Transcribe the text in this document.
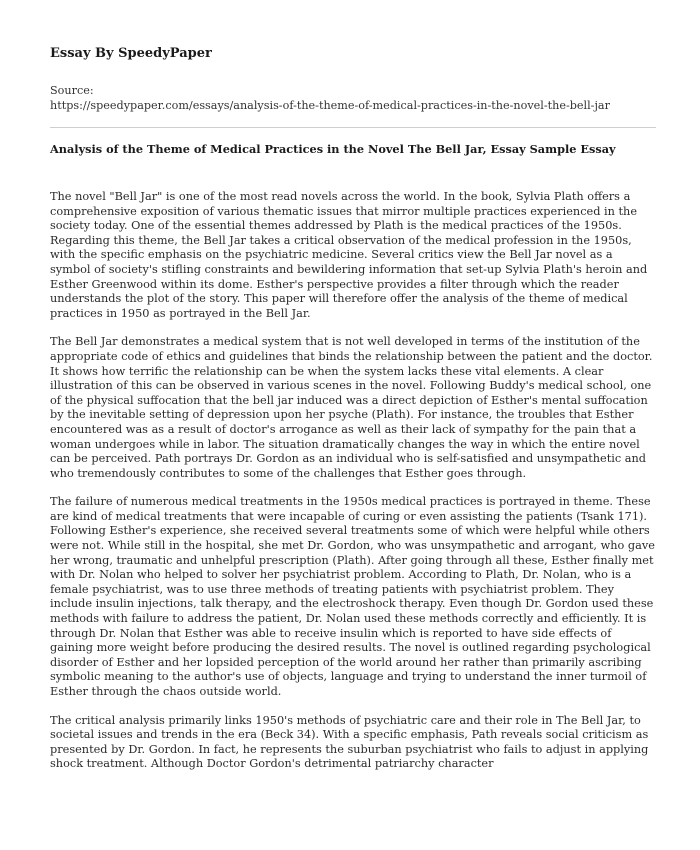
Essay By SpeedyPaper

Source:

https://speedypaper.com/essays/analysis-of-the-theme-of-medical-practices-in-the-novel-the-bell-jar

Analysis of the Theme of Medical Practices in the Novel The Bell Jar, Essay Sample Essay

The novel "Bell Jar" is one of the most read novels across the world. In the book, Sylvia Plath offers a comprehensive exposition of various thematic issues that mirror multiple practices experienced in the society today. One of the essential themes addressed by Plath is the medical practices of the 1950s. Regarding this theme, the Bell Jar takes a critical observation of the medical profession in the 1950s, with the specific emphasis on the psychiatric medicine. Several critics view the Bell Jar novel as a symbol of society's stifling constraints and bewildering information that set-up Sylvia Plath's heroin and Esther Greenwood within its dome. Esther's perspective provides a filter through which the reader understands the plot of the story. This paper will therefore offer the analysis of the theme of medical practices in 1950 as portrayed in the Bell Jar.

The Bell Jar demonstrates a medical system that is not well developed in terms of the institution of the appropriate code of ethics and guidelines that binds the relationship between the patient and the doctor. It shows how terrific the relationship can be when the system lacks these vital elements. A clear illustration of this can be observed in various scenes in the novel. Following Buddy's medical school, one of the physical suffocation that the bell jar induced was a direct depiction of Esther's mental suffocation by the inevitable setting of depression upon her psyche (Plath). For instance, the troubles that Esther encountered was as a result of doctor's arrogance as well as their lack of sympathy for the pain that a woman undergoes while in labor. The situation dramatically changes the way in which the entire novel can be perceived. Path portrays Dr. Gordon as an individual who is self-satisfied and unsympathetic and who tremendously contributes to some of the challenges that Esther goes through.

The failure of numerous medical treatments in the 1950s medical practices is portrayed in theme. These are kind of medical treatments that were incapable of curing or even assisting the patients (Tsank 171). Following Esther's experience, she received several treatments some of which were helpful while others were not. While still in the hospital, she met Dr. Gordon, who was unsympathetic and arrogant, who gave her wrong, traumatic and unhelpful prescription (Plath). After going through all these, Esther finally met with Dr. Nolan who helped to solver her psychiatrist problem. According to Plath, Dr. Nolan, who is a female psychiatrist, was to use three methods of treating patients with psychiatrist problem. They include insulin injections, talk therapy, and the electroshock therapy. Even though Dr. Gordon used these methods with failure to address the patient, Dr. Nolan used these methods correctly and efficiently. It is through Dr. Nolan that Esther was able to receive insulin which is reported to have side effects of gaining more weight before producing the desired results. The novel is outlined regarding psychological disorder of Esther and her lopsided perception of the world around her rather than primarily ascribing symbolic meaning to the author's use of objects, language and trying to understand the inner turmoil of Esther through the chaos outside world.

The critical analysis primarily links 1950's methods of psychiatric care and their role in The Bell Jar, to societal issues and trends in the era (Beck 34). With a specific emphasis, Path reveals social criticism as presented by Dr. Gordon. In fact, he represents the suburban psychiatrist who fails to adjust in applying shock treatment. Although Doctor Gordon's detrimental patriarchy character
